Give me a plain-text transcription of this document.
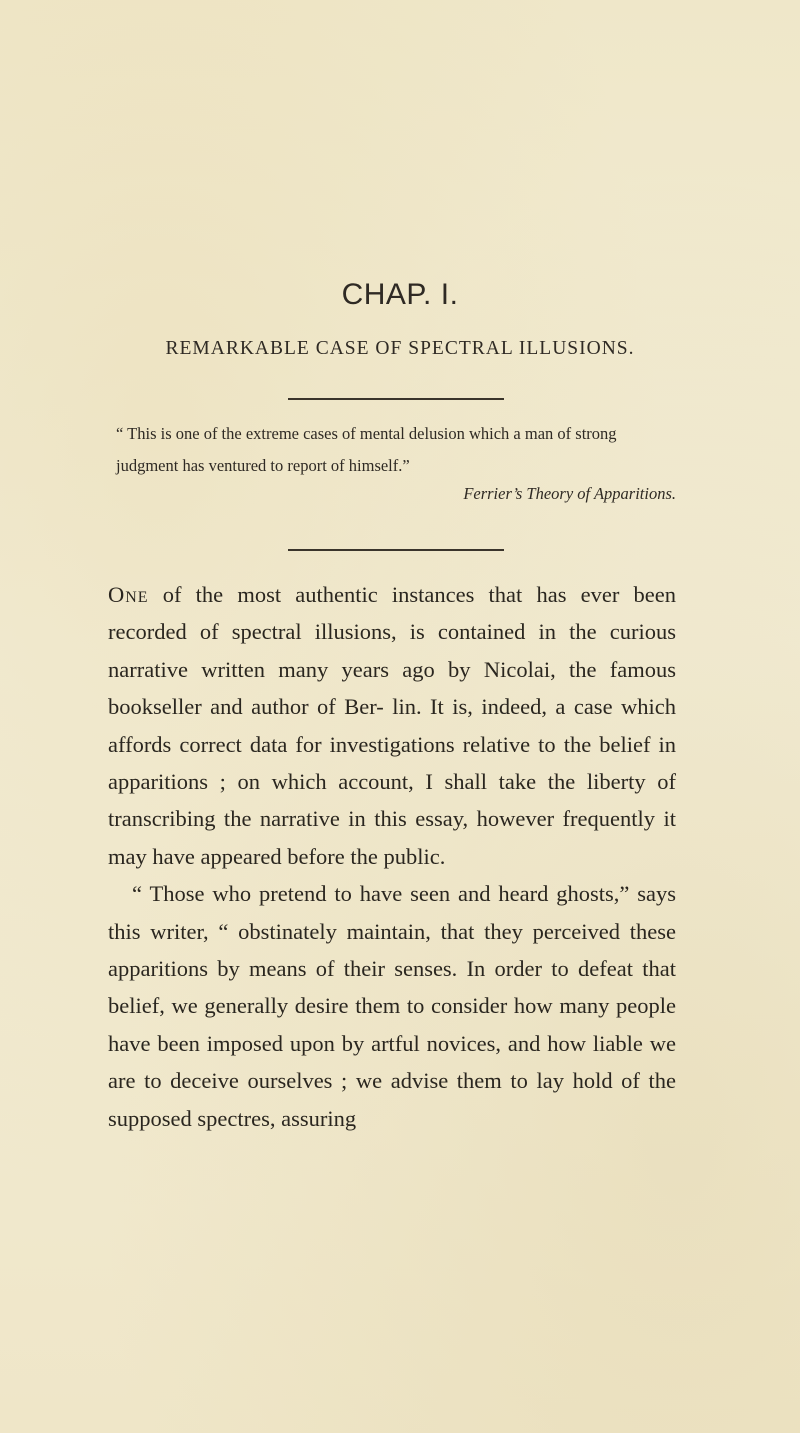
CHAP. I.
REMARKABLE CASE OF SPECTRAL ILLUSIONS.
“ This is one of the extreme cases of mental delusion which a man of strong judgment has ventured to report of himself.”
Ferrier’s Theory of Apparitions.

One of the most authentic instances that has ever been recorded of spectral illusions, is contained in the curious narrative written many years ago by Nicolai, the famous bookseller and author of Ber- lin. It is, indeed, a case which affords correct data for investigations relative to the belief in apparitions ; on which account, I shall take the liberty of transcribing the narrative in this essay, however frequently it may have appeared before the public.

“ Those who pretend to have seen and heard ghosts,” says this writer, “ obstinately maintain, that they perceived these apparitions by means of their senses. In order to defeat that belief, we generally desire them to consider how many people have been imposed upon by artful novices, and how liable we are to deceive ourselves ; we advise them to lay hold of the supposed spectres, assuring
